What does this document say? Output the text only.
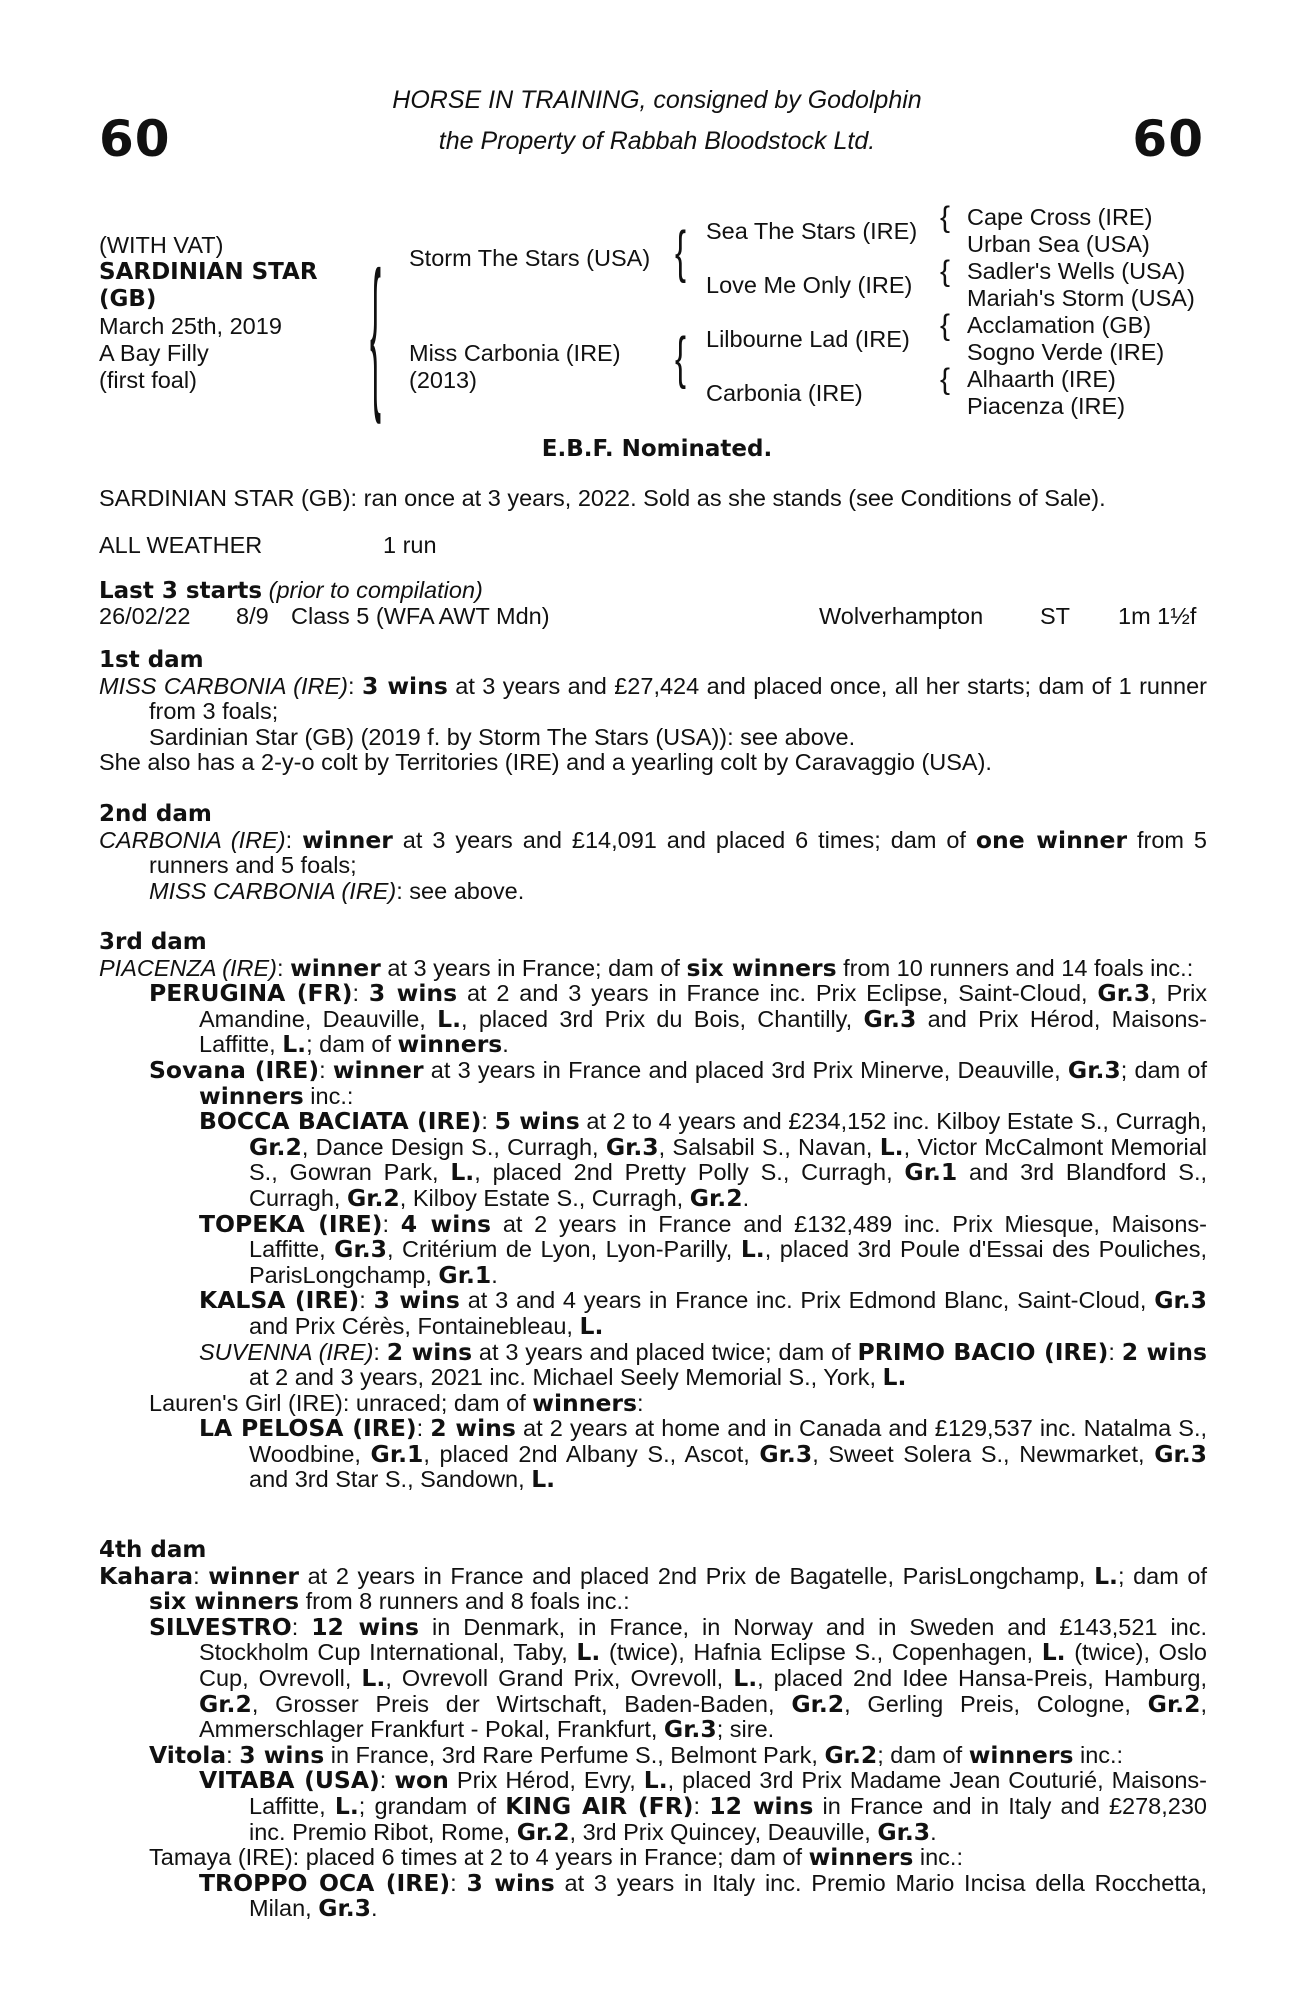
60	60
HORSE IN TRAINING, consigned by Godolphin
the Property of Rabbah Bloodstock Ltd.
(WITH VAT)
SARDINIAN STAR
(GB)
March 25th, 2019
A Bay Filly
(first foal)	{	{
{
{
{
{
{
Storm The Stars (USA)
Miss Carbonia (IRE)
(2013)
Sea The Stars (IRE)
Love Me Only (IRE)
Lilbourne Lad (IRE)
Carbonia (IRE)
Cape Cross (IRE)
Urban Sea (USA)
Sadler's Wells (USA)
Mariah's Storm (USA)
Acclamation (GB)
Sogno Verde (IRE)
Alhaarth (IRE)
Piacenza (IRE)
E.B.F. Nominated.
SARDINIAN STAR (GB): ran once at 3 years, 2022. Sold as she stands (see Conditions of Sale).
ALL WEATHER	1 run
Last 3 starts (prior to compilation)
26/02/22 8/9 Class 5 (WFA AWT Mdn)	Wolverhampton ST 1m 1½f

1st dam

MISS CARBONIA (IRE): 3 wins at 3 years and £27,424 and placed once, all her starts; dam of 1 runner from 3 foals;

Sardinian Star (GB) (2019 f. by Storm The Stars (USA)): see above.

She also has a 2-y-o colt by Territories (IRE) and a yearling colt by Caravaggio (USA).

2nd dam

CARBONIA (IRE): winner at 3 years and £14,091 and placed 6 times; dam of one winner from 5 runners and 5 foals;

MISS CARBONIA (IRE): see above.

3rd dam

PIACENZA (IRE): winner at 3 years in France; dam of six winners from 10 runners and 14 foals inc.:

PERUGINA (FR): 3 wins at 2 and 3 years in France inc. Prix Eclipse, Saint-Cloud, Gr.3, Prix Amandine, Deauville, L., placed 3rd Prix du Bois, Chantilly, Gr.3 and Prix Hérod, Maisons-Laffitte, L.; dam of winners.

Sovana (IRE): winner at 3 years in France and placed 3rd Prix Minerve, Deauville, Gr.3; dam of winners inc.:

BOCCA BACIATA (IRE): 5 wins at 2 to 4 years and £234,152 inc. Kilboy Estate S., Curragh, Gr.2, Dance Design S., Curragh, Gr.3, Salsabil S., Navan, L., Victor McCalmont Memorial S., Gowran Park, L., placed 2nd Pretty Polly S., Curragh, Gr.1 and 3rd Blandford S., Curragh, Gr.2, Kilboy Estate S., Curragh, Gr.2.

TOPEKA (IRE): 4 wins at 2 years in France and £132,489 inc. Prix Miesque, Maisons-Laffitte, Gr.3, Critérium de Lyon, Lyon-Parilly, L., placed 3rd Poule d'Essai des Pouliches, ParisLongchamp, Gr.1.

KALSA (IRE): 3 wins at 3 and 4 years in France inc. Prix Edmond Blanc, Saint-Cloud, Gr.3 and Prix Cérès, Fontainebleau, L.

SUVENNA (IRE): 2 wins at 3 years and placed twice; dam of PRIMO BACIO (IRE): 2 wins at 2 and 3 years, 2021 inc. Michael Seely Memorial S., York, L.

Lauren's Girl (IRE): unraced; dam of winners:

LA PELOSA (IRE): 2 wins at 2 years at home and in Canada and £129,537 inc. Natalma S., Woodbine, Gr.1, placed 2nd Albany S., Ascot, Gr.3, Sweet Solera S., Newmarket, Gr.3 and 3rd Star S., Sandown, L.

4th dam

Kahara: winner at 2 years in France and placed 2nd Prix de Bagatelle, ParisLongchamp, L.; dam of six winners from 8 runners and 8 foals inc.:

SILVESTRO: 12 wins in Denmark, in France, in Norway and in Sweden and £143,521 inc. Stockholm Cup International, Taby, L. (twice), Hafnia Eclipse S., Copenhagen, L. (twice), Oslo Cup, Ovrevoll, L., Ovrevoll Grand Prix, Ovrevoll, L., placed 2nd Idee Hansa-Preis, Hamburg, Gr.2, Grosser Preis der Wirtschaft, Baden-Baden, Gr.2, Gerling Preis, Cologne, Gr.2, Ammerschlager Frankfurt - Pokal, Frankfurt, Gr.3; sire.

Vitola: 3 wins in France, 3rd Rare Perfume S., Belmont Park, Gr.2; dam of winners inc.:

VITABA (USA): won Prix Hérod, Evry, L., placed 3rd Prix Madame Jean Couturié, Maisons-Laffitte, L.; grandam of KING AIR (FR): 12 wins in France and in Italy and £278,230 inc. Premio Ribot, Rome, Gr.2, 3rd Prix Quincey, Deauville, Gr.3.

Tamaya (IRE): placed 6 times at 2 to 4 years in France; dam of winners inc.:

TROPPO OCA (IRE): 3 wins at 3 years in Italy inc. Premio Mario Incisa della Rocchetta, Milan, Gr.3.
